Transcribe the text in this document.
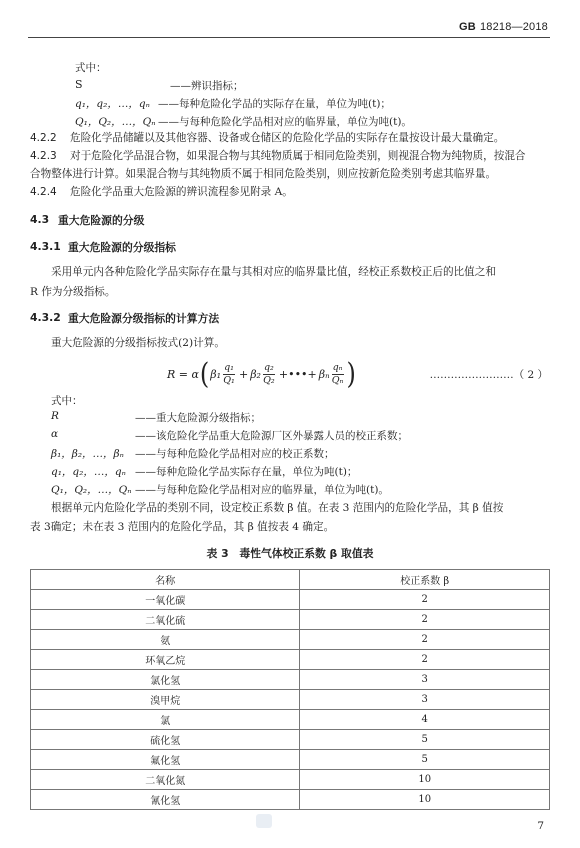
GB 18218—2018
式中：
S	——辨识指标；
q₁，q₂，…，qₙ ——每种危险化学品的实际存在量，单位为吨(t)；
Q₁，Q₂，…，Qₙ ——与每种危险化学品相对应的临界量，单位为吨(t)。
4.2.2 危险化学品储罐以及其他容器、设备或仓储区的危险化学品的实际存在量按设计最大量确定。
4.2.3 对于危险化学品混合物，如果混合物与其纯物质属于相同危险类别，则视混合物为纯物质，按混合
合物整体进行计算。如果混合物与其纯物质不属于相同危险类别，则应按新危险类别考虑其临界量。
4.2.4 危险化学品重大危险源的辨识流程参见附录 A。
4.3 重大危险源的分级
4.3.1 重大危险源的分级指标
采用单元内各种危险化学品实际存在量与其相对应的临界量比值，经校正系数校正后的比值之和
R 作为分级指标。
4.3.2 重大危险源分级指标的计算方法
重大危险源的分级指标按式(2)计算。
R = α ( $\beta_1 \frac{\text{q₁}}{\text{Q₁}} + \beta_2 \frac{\text{q₂}}{\text{Q₂}}$ +•••+ βₙ $\frac{\text{qₙ}}{\text{Qₙ}}$ )	……………………（ 2 ）
式中：
R	——重大危险源分级指标；
α	——该危险化学品重大危险源厂区外暴露人员的校正系数；
β₁，β₂，…，βₙ ——与每种危险化学品相对应的校正系数；
q₁，q₂，…，qₙ ——每种危险化学品实际存在量，单位为吨(t)；
Q₁，Q₂，…，Qₙ ——与每种危险化学品相对应的临界量，单位为吨(t)。
根据单元内危险化学品的类别不同，设定校正系数 β 值。在表 3 范围内的危险化学品，其 β 值按
表 3确定；未在表 3 范围内的危险化学品，其 β 值按表 4 确定。
表 3　毒性气体校正系数 β 取值表
名称	校正系数 β
一氧化碳	2
二氧化硫	2
氨	2
环氧乙烷	2
氯化氢	3
溴甲烷	3
氯	4
硫化氢	5
氟化氢	5
二氧化氮	10
氰化氢	10
7
